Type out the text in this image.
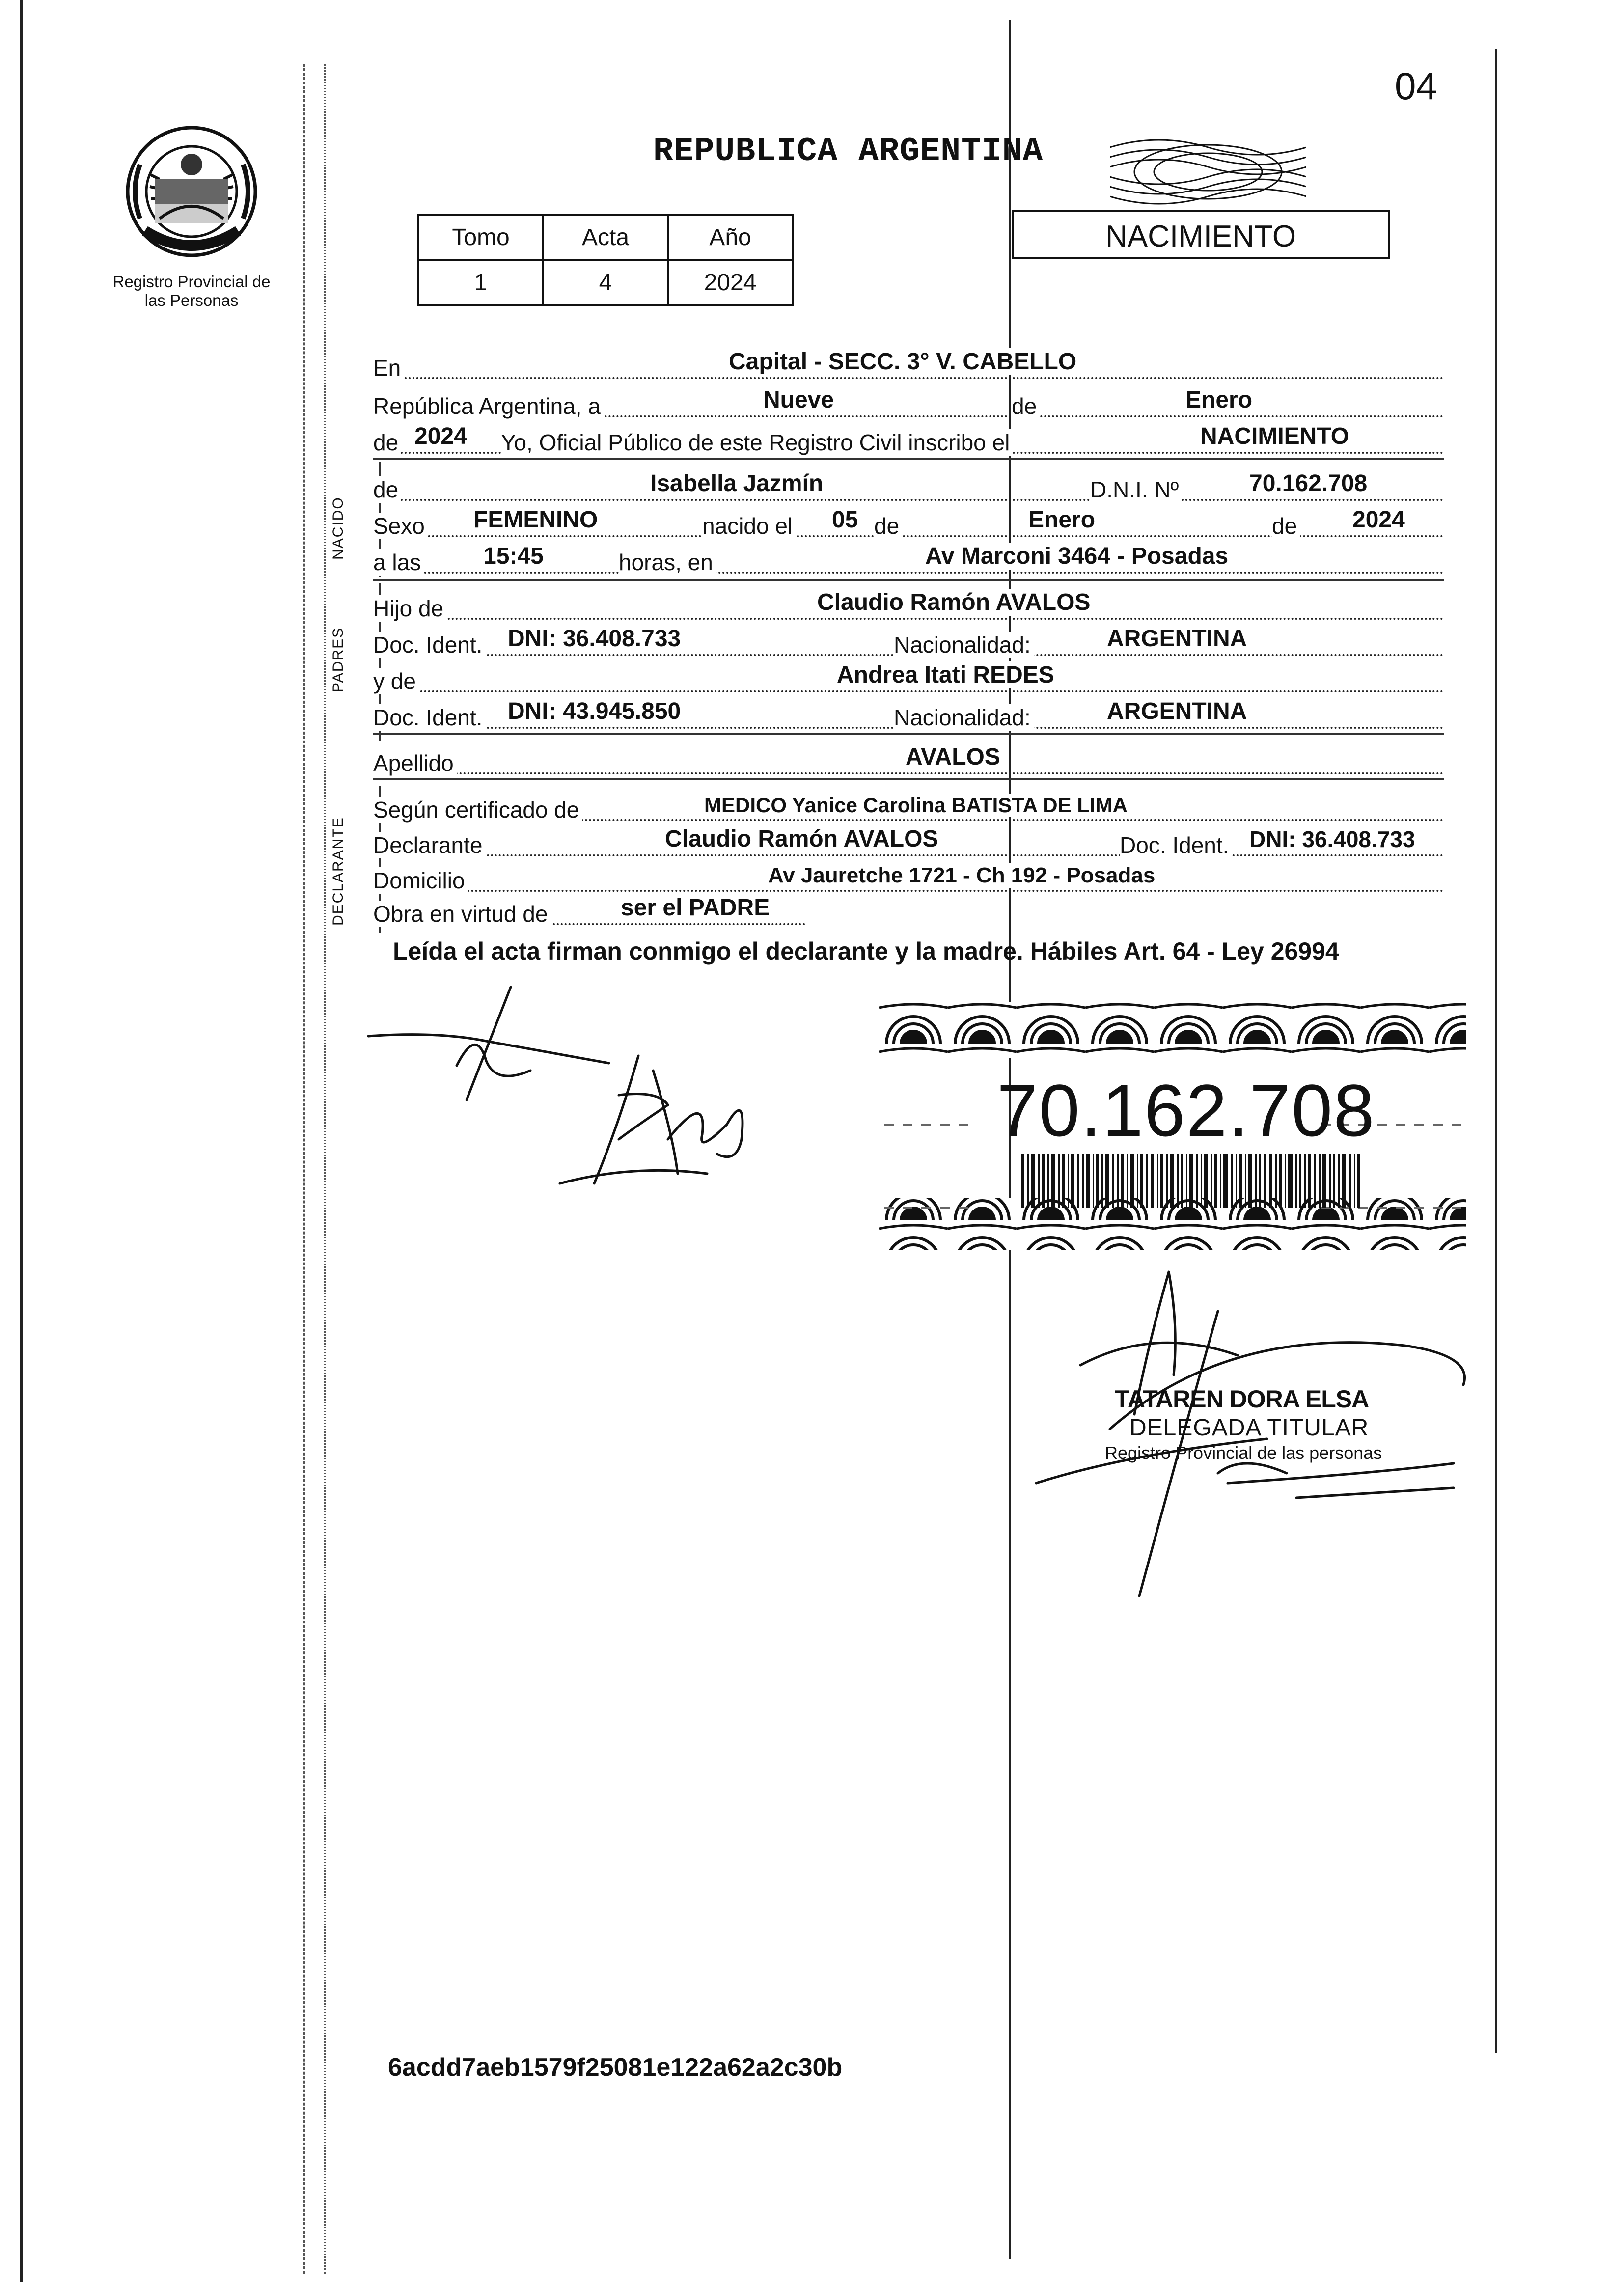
04
Registro Provincial de las Personas
REPUBLICA ARGENTINA
Tomo	Acta	Año
1	4	2024
NACIMIENTO
En	Capital - SECC. 3° V. CABELLO
República Argentina, a	Nueve	de	Enero
de 2024 Yo, Oficial Público de este Registro Civil inscribo el	NACIMIENTO
NACIDO
de	Isabella Jazmín	D.N.I. Nº	70.162.708
Sexo FEMENINO	nacido el 05 de	Enero	de 2024
a las	15:45	horas, en	Av Marconi 3464 - Posadas
PADRES
Hijo de	Claudio Ramón AVALOS
Doc. Ident. DNI: 36.408.733	Nacionalidad:	ARGENTINA
y de	Andrea Itati REDES
Doc. Ident. DNI: 43.945.850	Nacionalidad:	ARGENTINA
Apellido	AVALOS
DECLARANTE
Según certificado de	MEDICO Yanice Carolina BATISTA DE LIMA
Declarante	Claudio Ramón AVALOS	Doc. Ident. DNI: 36.408.733
Domicilio	Av Jauretche 1721 - Ch 192 - Posadas
Obra en virtud de	ser el PADRE
Leída el acta firman conmigo el declarante y la madre. Hábiles Art. 64 - Ley 26994
70.162.708
TATAREN DORA ELSA
DELEGADA TITULAR
Registro Provincial de las personas
6acdd7aeb1579f25081e122a62a2c30b
